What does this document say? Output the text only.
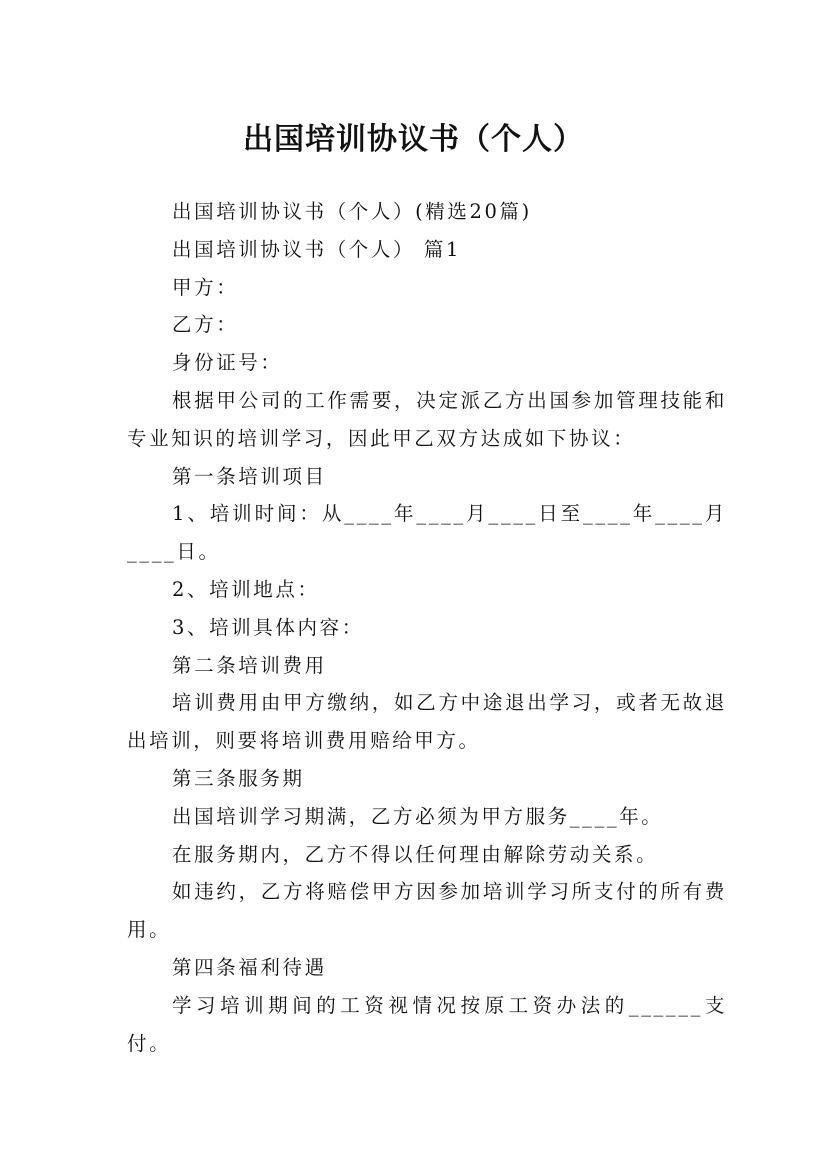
出国培训协议书（个人）

出国培训协议书（个人）(精选20篇)

出国培训协议书（个人） 篇1

甲方：

乙方：

身份证号：

根据甲公司的工作需要，决定派乙方出国参加管理技能和专业知识的培训学习，因此甲乙双方达成如下协议：

第一条培训项目

1、培训时间：从____年____月____日至____年____月____日。

2、培训地点：

3、培训具体内容：

第二条培训费用

培训费用由甲方缴纳，如乙方中途退出学习，或者无故退出培训，则要将培训费用赔给甲方。

第三条服务期

出国培训学习期满，乙方必须为甲方服务____年。

在服务期内，乙方不得以任何理由解除劳动关系。

如违约，乙方将赔偿甲方因参加培训学习所支付的所有费用。

第四条福利待遇

学习培训期间的工资视情况按原工资办法的______支付。
